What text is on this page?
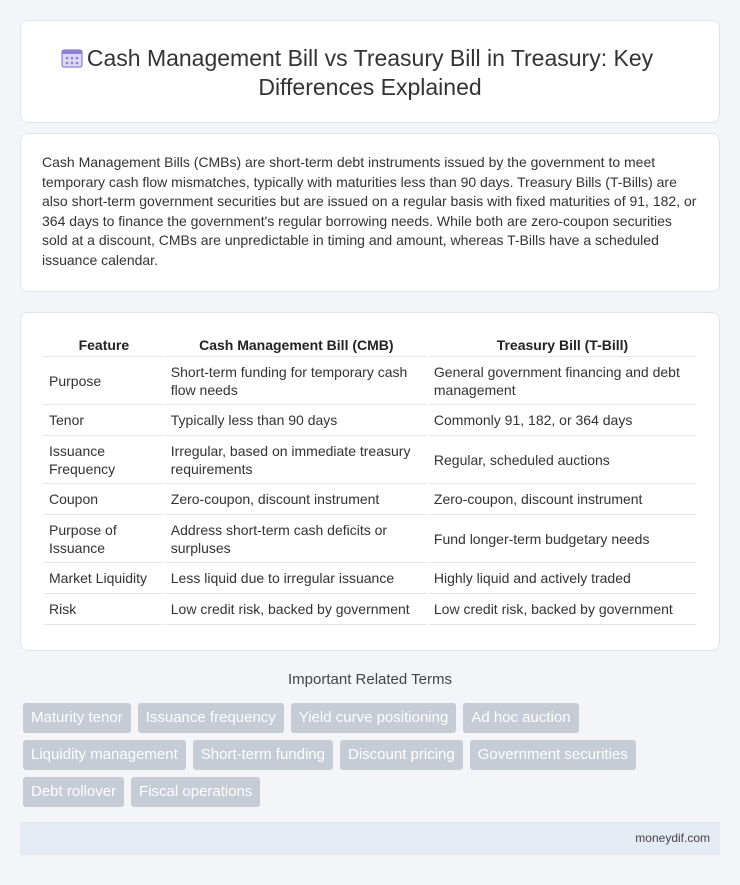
Cash Management Bill vs Treasury Bill in Treasury: Key
Differences Explained

Cash Management Bills (CMBs) are short-term debt instruments issued by the government to meet temporary cash flow mismatches, typically with maturities less than 90 days. Treasury Bills (T-Bills) are also short-term government securities but are issued on a regular basis with fixed maturities of 91, 182, or 364 days to finance the government's regular borrowing needs. While both are zero-coupon securities sold at a discount, CMBs are unpredictable in timing and amount, whereas T-Bills have a scheduled issuance calendar.

Feature	Cash Management Bill (CMB)	Treasury Bill (T-Bill)
Purpose	Short-term funding for temporary cash flow needs	General government financing and debt management
Tenor	Typically less than 90 days	Commonly 91, 182, or 364 days
Issuance Frequency	Irregular, based on immediate treasury requirements	Regular, scheduled auctions
Coupon	Zero-coupon, discount instrument	Zero-coupon, discount instrument
Purpose of Issuance	Address short-term cash deficits or surpluses	Fund longer-term budgetary needs
Market Liquidity	Less liquid due to irregular issuance	Highly liquid and actively traded
Risk	Low credit risk, backed by government	Low credit risk, backed by government
Important Related Terms
Maturity tenor	Issuance frequency	Yield curve positioning	Ad hoc auction
Liquidity management	Short-term funding	Discount pricing	Government securities
Debt rollover	Fiscal operations
moneydif.com
